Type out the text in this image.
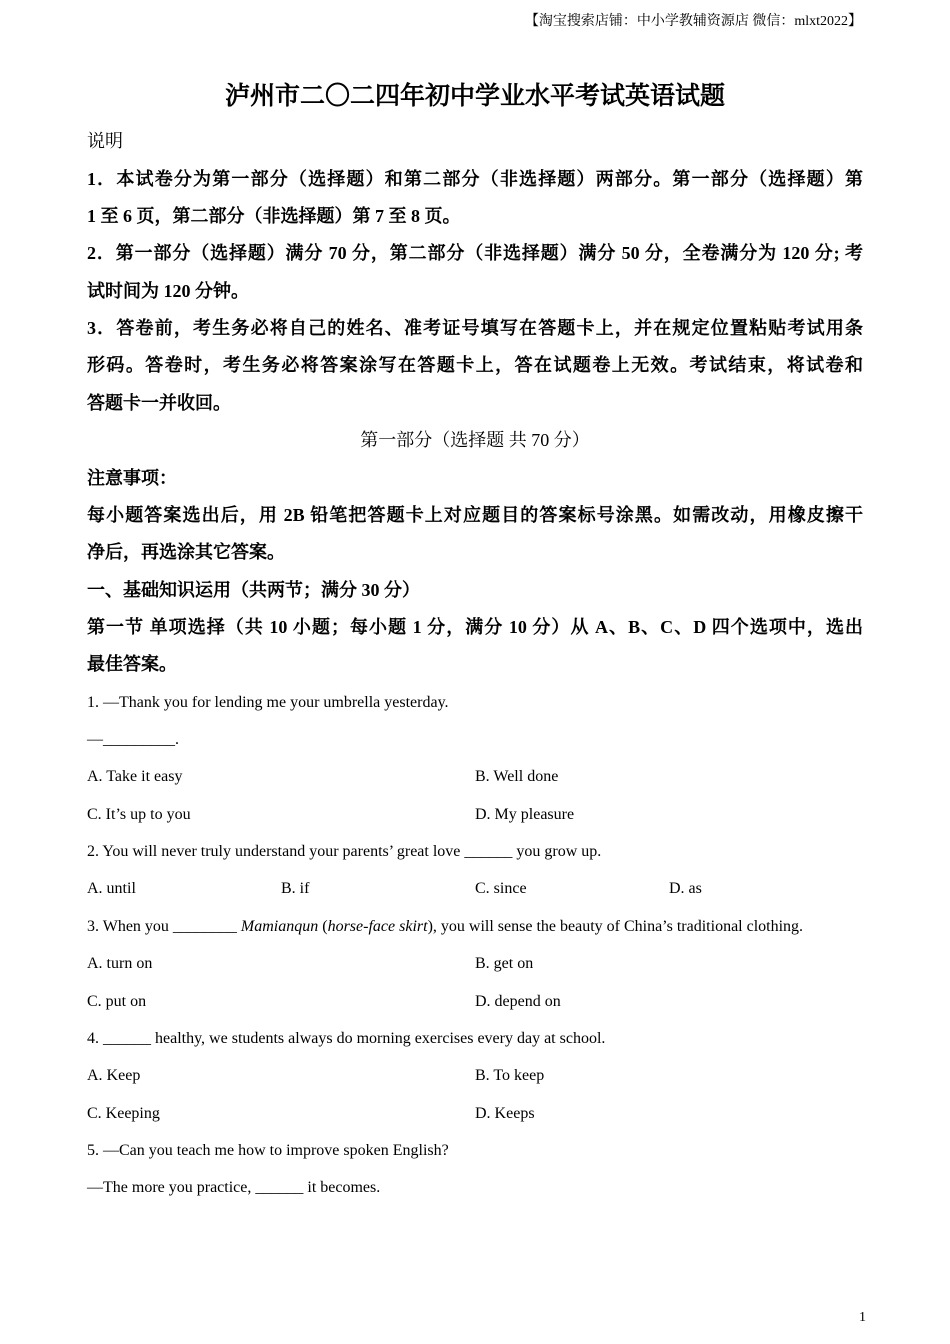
【淘宝搜索店铺：中小学教辅资源店 微信：mlxt2022】
泸州市二〇二四年初中学业水平考试英语试题
说明
1．本试卷分为第一部分（选择题）和第二部分（非选择题）两部分。第一部分（选择题）第
1 至 6 页，第二部分（非选择题）第 7 至 8 页。
2．第一部分（选择题）满分 70 分，第二部分（非选择题）满分 50 分，全卷满分为 120 分; 考
试时间为 120 分钟。
3．答卷前，考生务必将自己的姓名、准考证号填写在答题卡上，并在规定位置粘贴考试用条
形码。答卷时，考生务必将答案涂写在答题卡上，答在试题卷上无效。考试结束，将试卷和
答题卡一并收回。
第一部分（选择题 共 70 分）
注意事项：
每小题答案选出后，用 2B 铅笔把答题卡上对应题目的答案标号涂黑。如需改动，用橡皮擦干
净后，再选涂其它答案。
一、基础知识运用（共两节；满分 30 分）
第一节 单项选择（共 10 小题；每小题 1 分，满分 10 分）从 A、B、C、D 四个选项中，选出
最佳答案。
1. —Thank you for lending me your umbrella yesterday.
—_________.
A. Take it easy	B. Well done
C. It’s up to you	D. My pleasure
2. You will never truly understand your parents’ great love ______ you grow up.
A. until	B. if	C. since	D. as
3. When you ________ Mamianqun (horse-face skirt), you will sense the beauty of China’s traditional clothing.
A. turn on	B. get on
C. put on	D. depend on
4. ______ healthy, we students always do morning exercises every day at school.
A. Keep	B. To keep
C. Keeping	D. Keeps
5. —Can you teach me how to improve spoken English?
—The more you practice, ______ it becomes.
1
